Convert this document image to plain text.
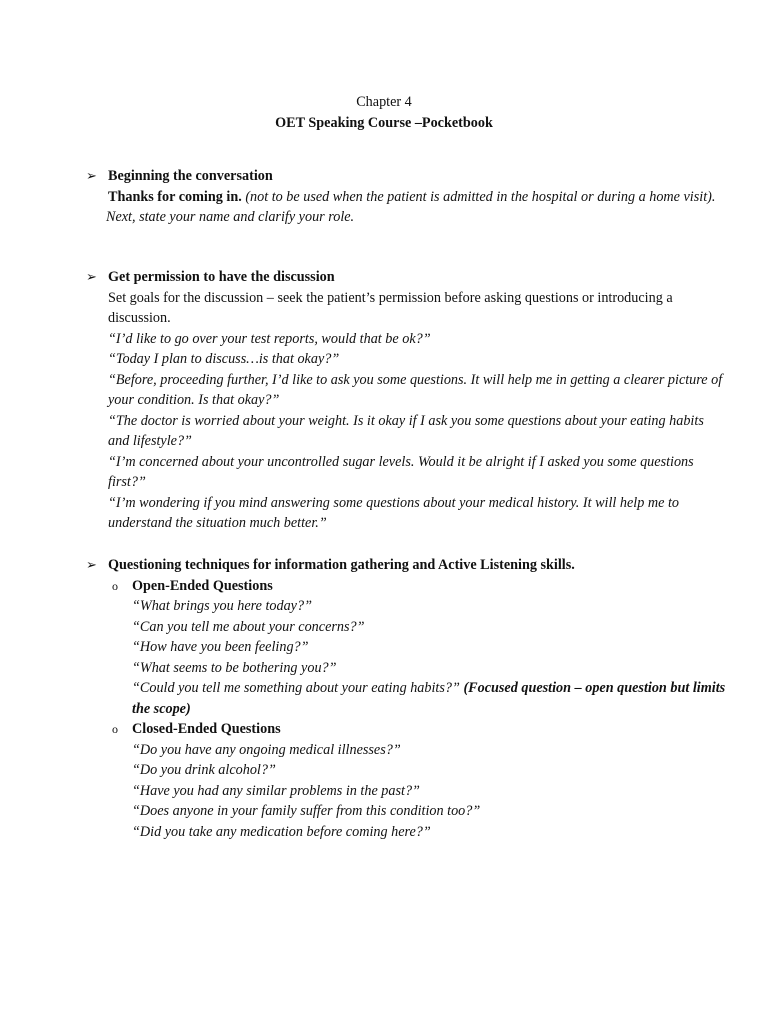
Chapter 4
OET Speaking Course –Pocketbook
➢ Beginning the conversation

Thanks for coming in. (not to be used when the patient is admitted in the hospital or during a home visit).

Next, state your name and clarify your role.

➢ Get permission to have the discussion

Set goals for the discussion – seek the patient’s permission before asking questions or introducing a discussion.

“I’d like to go over your test reports, would that be ok?”

“Today I plan to discuss…is that okay?”

“Before, proceeding further, I’d like to ask you some questions. It will help me in getting a clearer picture of your condition. Is that okay?”

“The doctor is worried about your weight. Is it okay if I ask you some questions about your eating habits and lifestyle?”

“I’m concerned about your uncontrolled sugar levels. Would it be alright if I asked you some questions first?”

“I’m wondering if you mind answering some questions about your medical history. It will help me to understand the situation much better.”

➢ Questioning techniques for information gathering and Active Listening skills.

o Open-Ended Questions

“What brings you here today?”

“Can you tell me about your concerns?”

“How have you been feeling?”

“What seems to be bothering you?”

“Could you tell me something about your eating habits?” (Focused question – open question but limits the scope)

o Closed-Ended Questions

“Do you have any ongoing medical illnesses?”

“Do you drink alcohol?”

“Have you had any similar problems in the past?”

“Does anyone in your family suffer from this condition too?”

“Did you take any medication before coming here?”
